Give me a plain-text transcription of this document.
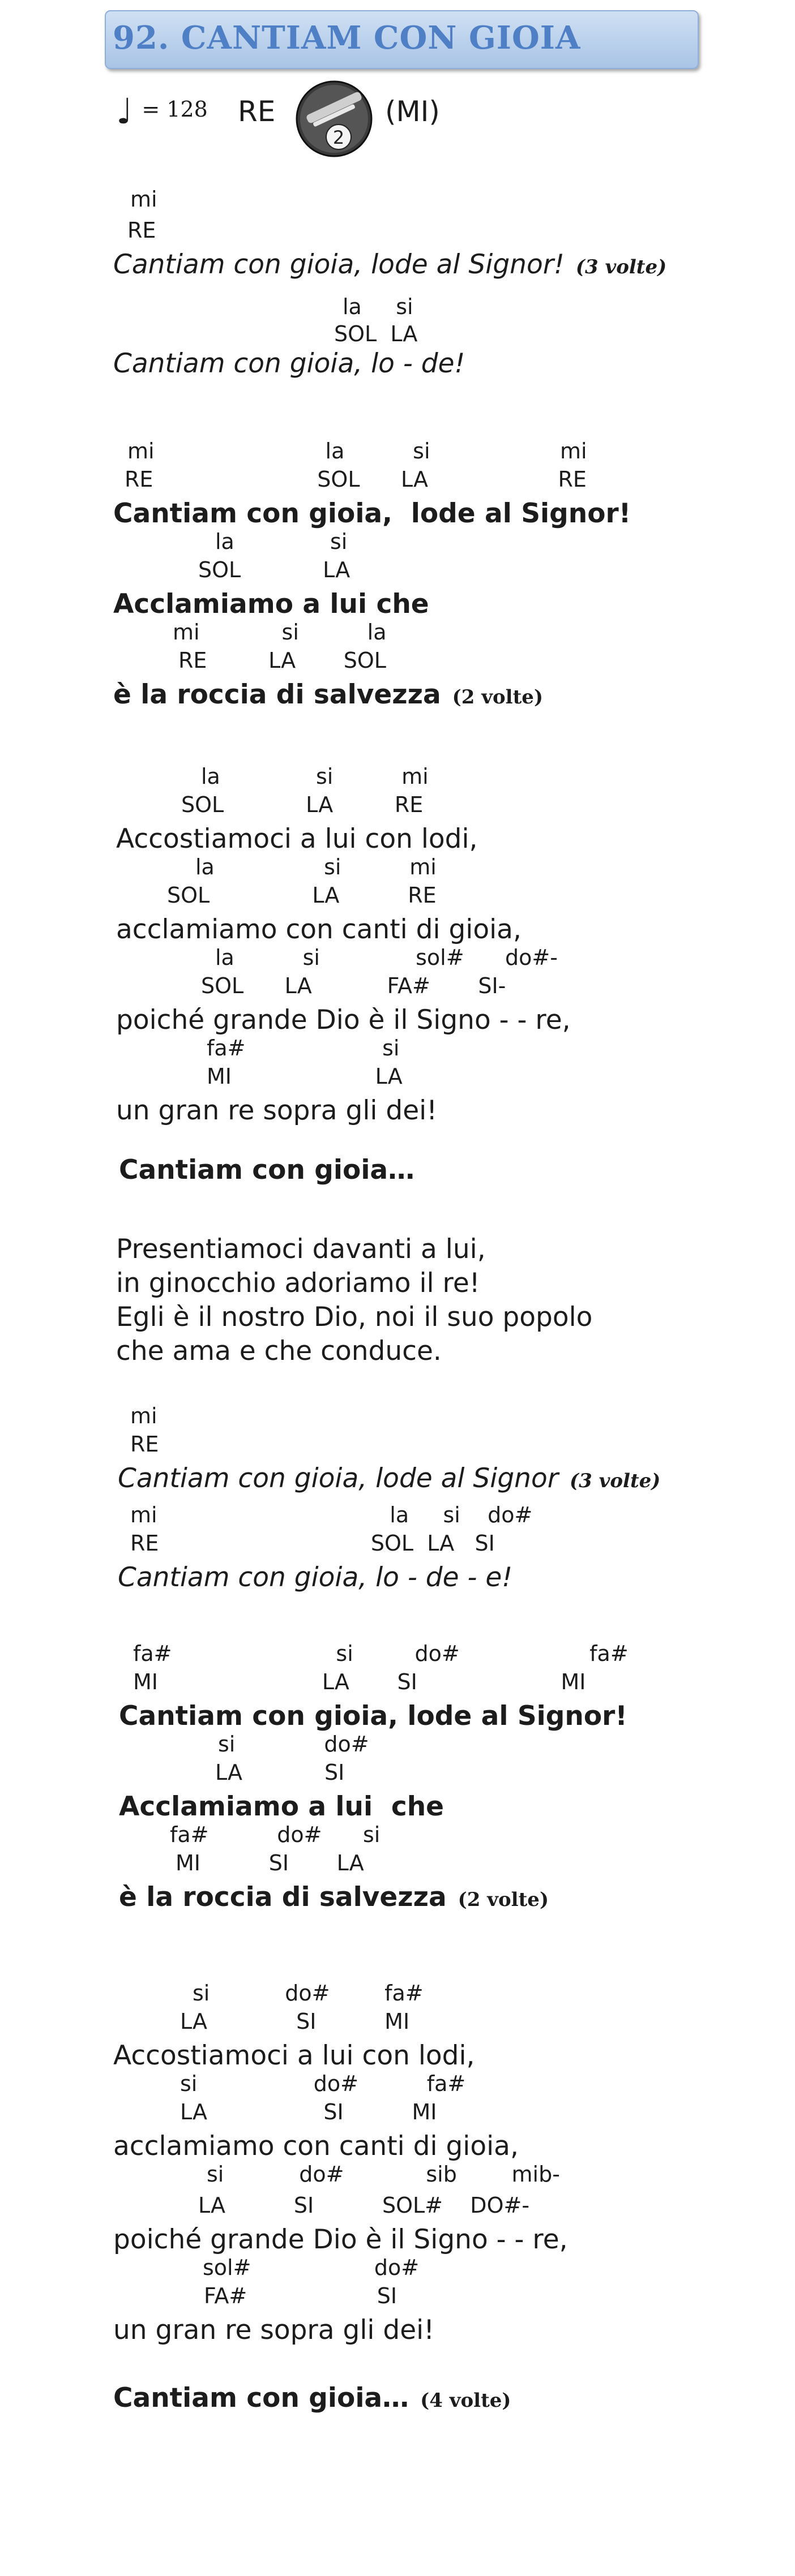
92. CANTIAM CON GIOIA
♩ = 128 RE
2
(MI)
mi
RE
Cantiam con gioia, lode al Signor! (3 volte)
la     si
SOL  LA
Cantiam con gioia, lo - de!
mi                         la          si                   mi
RE                        SOL      LA                   RE
Cantiam con gioia,  lode al Signor!
la              si
SOL            LA
Acclamiamo a lui che
mi            si          la
RE         LA       SOL
è la roccia di salvezza (2 volte)
la              si          mi
SOL            LA         RE
Accostiamoci a lui con lodi,
la                si          mi
SOL               LA          RE
acclamiamo con canti di gioia,
la          si              sol#      do#-
SOL      LA           FA#       SI-
poiché grande Dio è il Signo - - re,
fa#                    si
MI                     LA
un gran re sopra gli dei!
Cantiam con gioia…
Presentiamoci davanti a lui,
in ginocchio adoriamo il re!
Egli è il nostro Dio, noi il suo popolo
che ama e che conduce.
mi
RE
Cantiam con gioia, lode al Signor (3 volte)
mi                                  la     si    do#
RE                               SOL  LA   SI
Cantiam con gioia, lo - de - e!
fa#                        si         do#                   fa#
MI                        LA       SI                     MI
Cantiam con gioia, lode al Signor!
si             do#
LA            SI
Acclamiamo a lui  che
fa#          do#      si
MI          SI       LA
è la roccia di salvezza (2 volte)
si           do#        fa#
LA             SI          MI
Accostiamoci a lui con lodi,
si                 do#          fa#
LA                 SI          MI
acclamiamo con canti di gioia,
si           do#            sib        mib-
LA          SI          SOL#    DO#-
poiché grande Dio è il Signo - - re,
sol#                  do#
FA#                   SI
un gran re sopra gli dei!
Cantiam con gioia… (4 volte)
